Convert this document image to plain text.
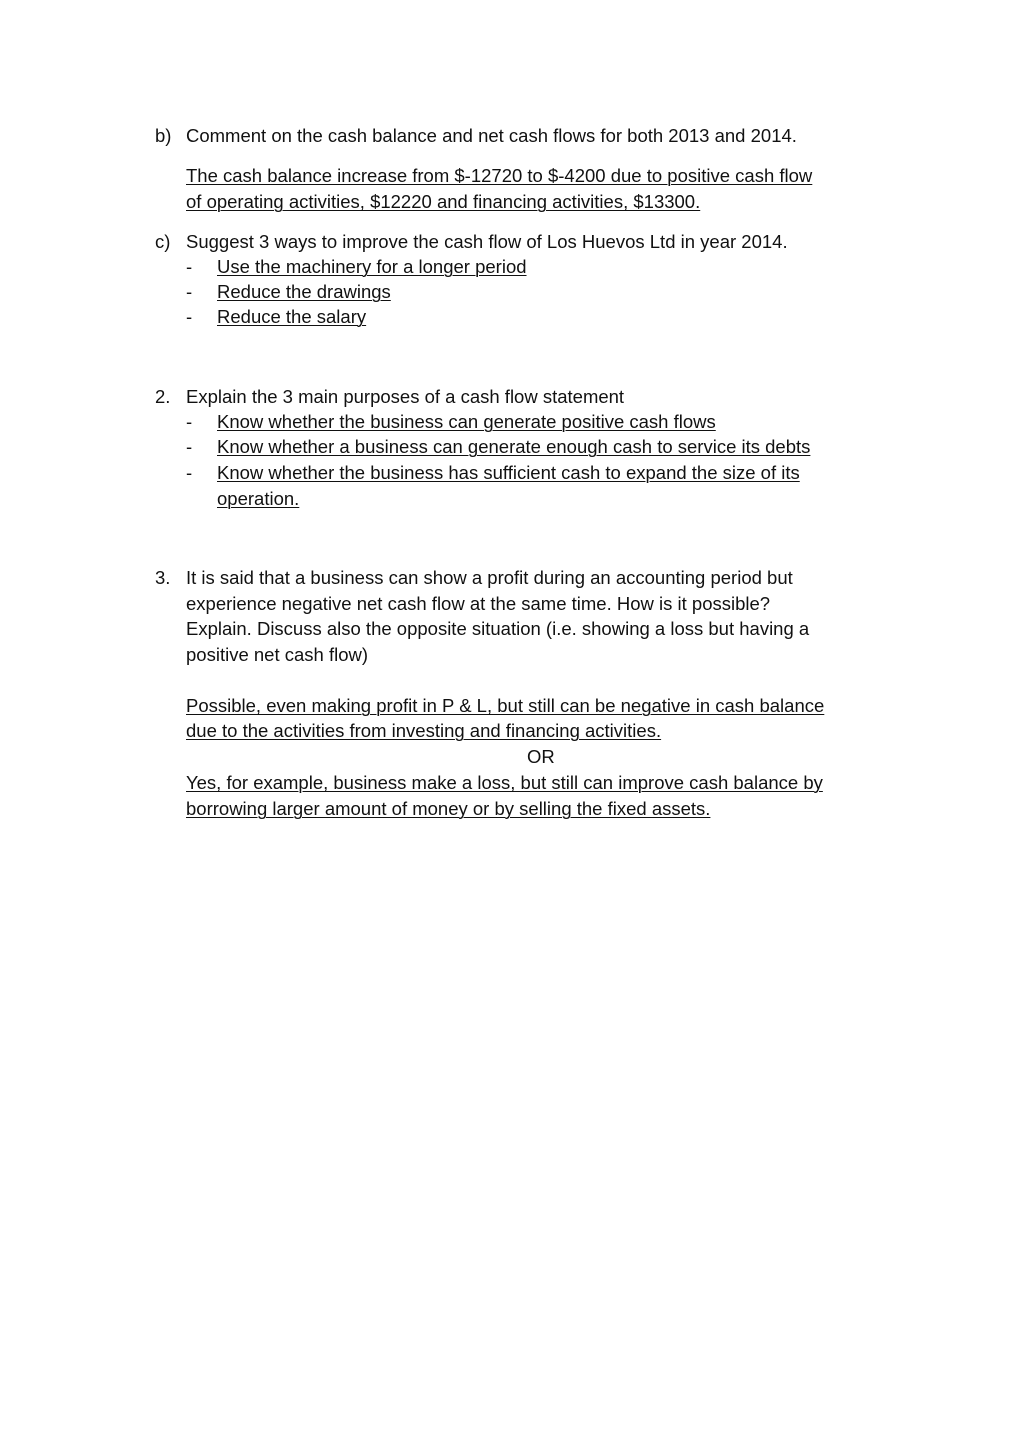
b) Comment on the cash balance and net cash flows for both 2013 and 2014.
The cash balance increase from $-12720 to $-4200 due to positive cash flow
of operating activities, $12220 and financing activities, $13300.
c) Suggest 3 ways to improve the cash flow of Los Huevos Ltd in year 2014.
- Use the machinery for a longer period
- Reduce the drawings
- Reduce the salary
2. Explain the 3 main purposes of a cash flow statement
- Know whether the business can generate positive cash flows
- Know whether a business can generate enough cash to service its debts
- Know whether the business has sufficient cash to expand the size of its
operation.
3. It is said that a business can show a profit during an accounting period but
experience negative net cash flow at the same time. How is it possible?
Explain. Discuss also the opposite situation (i.e. showing a loss but having a
positive net cash flow)
Possible, even making profit in P & L, but still can be negative in cash balance
due to the activities from investing and financing activities.
OR
Yes, for example, business make a loss, but still can improve cash balance by
borrowing larger amount of money or by selling the fixed assets.
